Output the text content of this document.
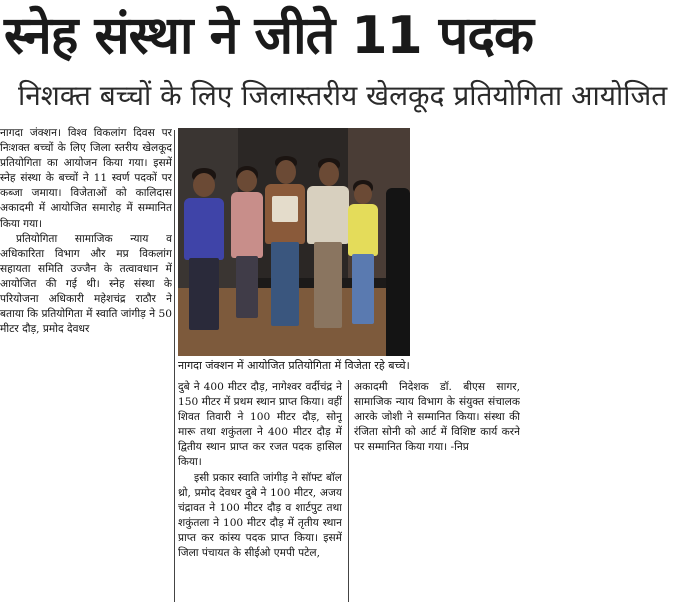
स्नेह संस्था ने जीते 11 पदक
निशक्त बच्चों के लिए जिलास्तरीय खेलकूद प्रतियोगिता आयोजित

नागदा जंक्शन। विश्व विकलांग दिवस पर निःशक्त बच्चों के लिए जिला स्तरीय खेलकूद प्रतियोगिता का आयोजन किया गया। इसमें स्नेह संस्था के बच्चों ने 11 स्वर्ण पदकों पर कब्जा जमाया। विजेताओं को कालिदास अकादमी में आयोजित समारोह में सम्मानित किया गया।

प्रतियोगिता सामाजिक न्याय व अधिकारिता विभाग और मप्र विकलांग सहायता समिति उज्जैन के तत्वावधान में आयोजित की गई थी। स्नेह संस्था के परियोजना अधिकारी महेशचंद्र राठौर ने बताया कि प्रतियोगिता में स्वाति जांगीड़ ने 50 मीटर दौड़, प्रमोद देवधर

नागदा जंक्शन में आयोजित प्रतियोगिता में विजेता रहे बच्चे।

दुबे ने 400 मीटर दौड़, नागेश्वर वर्दीचंद्र ने 150 मीटर में प्रथम स्थान प्राप्त किया। वहीं शिवत तिवारी ने 100 मीटर दौड़, सोनू मारू तथा शकुंतला ने 400 मीटर दौड़ में द्वितीय स्थान प्राप्त कर रजत पदक हासिल किया।

इसी प्रकार स्वाति जांगीड़ ने सॉफ्ट बॉल थ्रो, प्रमोद देवधर दुबे ने 100 मीटर, अजय चंद्रावत ने 100 मीटर दौड़ व शार्टपुट तथा शकुंतला ने 100 मीटर दौड़ में तृतीय स्थान प्राप्त कर कांस्य पदक प्राप्त किया। इसमें जिला पंचायत के सीईओ एमपी पटेल,

अकादमी निदेशक डॉ. बीएस सागर, सामाजिक न्याय विभाग के संयुक्त संचालक आरके जोशी ने सम्मानित किया। संस्था की रंजिता सोनी को आर्ट में विशिष्ट कार्य करने पर सम्मानित किया गया। -निप्र
